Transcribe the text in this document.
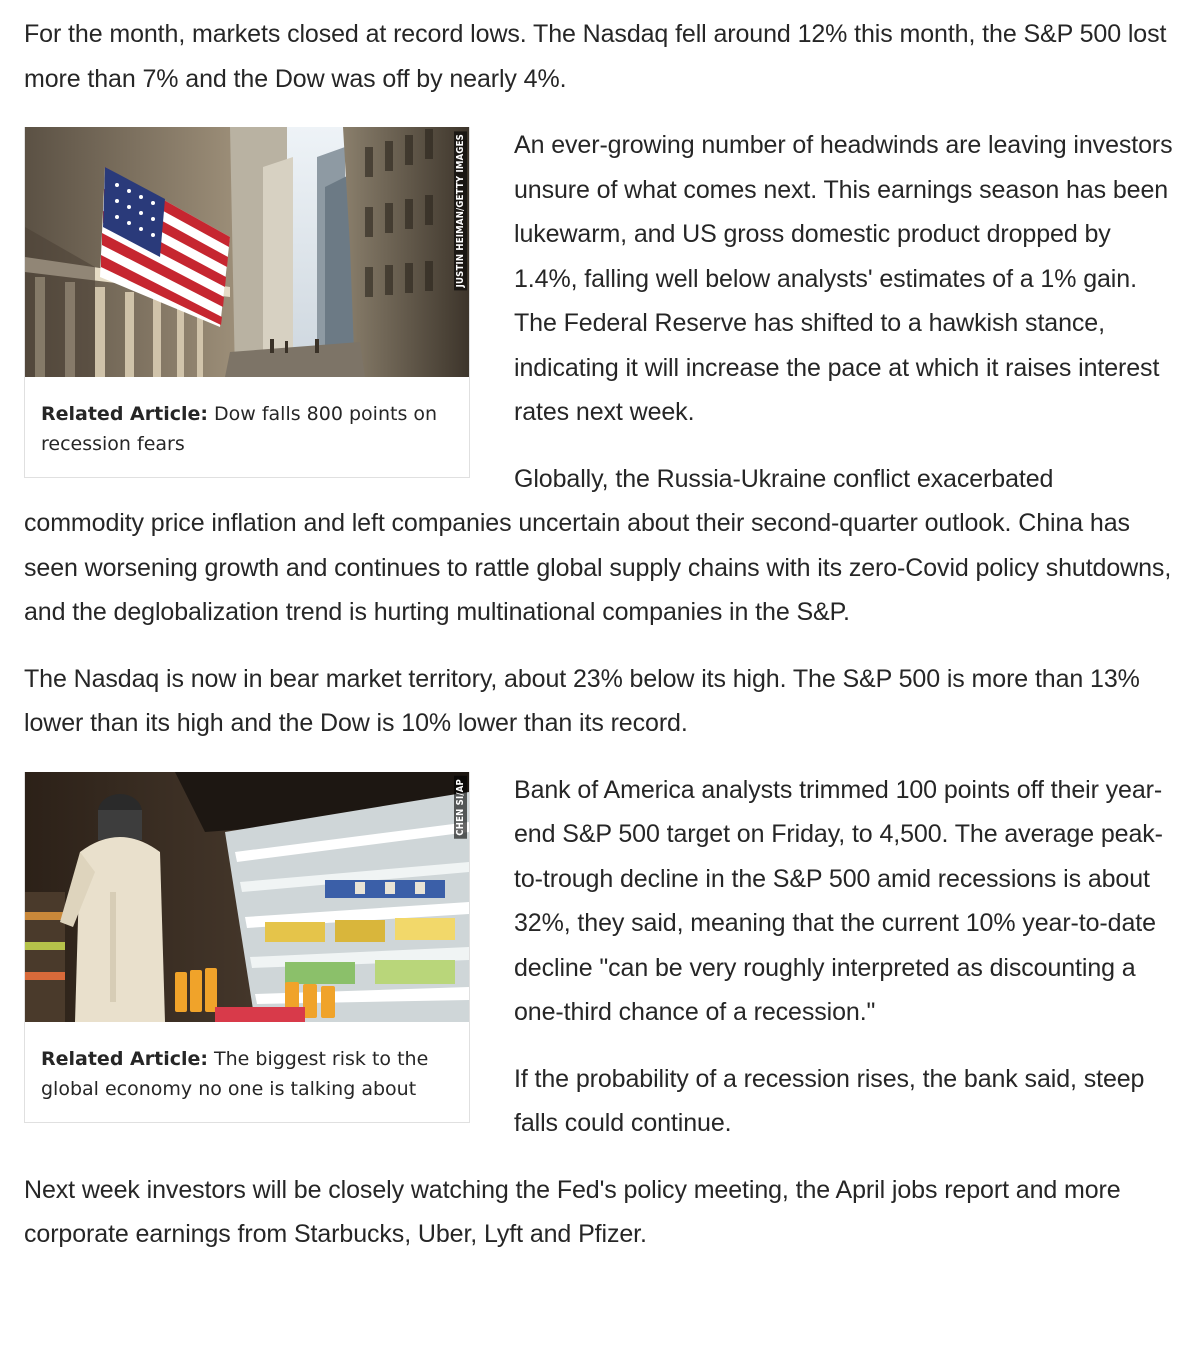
For the month, markets closed at record lows. The Nasdaq fell around 12% this month, the S&P 500 lost more than 7% and the Dow was off by nearly 4%.

JUSTIN HEIMAN/GETTY IMAGES
Related Article: Dow falls 800 points on recession fears

An ever-growing number of headwinds are leaving investors unsure of what comes next. This earnings season has been lukewarm, and US gross domestic product dropped by 1.4%, falling well below analysts' estimates of a 1% gain. The Federal Reserve has shifted to a hawkish stance, indicating it will increase the pace at which it raises interest rates next week.

Globally, the Russia-Ukraine conflict exacerbated commodity price inflation and left companies uncertain about their second-quarter outlook. China has seen worsening growth and continues to rattle global supply chains with its zero-Covid policy shutdowns, and the deglobalization trend is hurting multinational companies in the S&P.

The Nasdaq is now in bear market territory, about 23% below its high. The S&P 500 is more than 13% lower than its high and the Dow is 10% lower than its record.

CHEN SI/AP
Related Article: The biggest risk to the global economy no one is talking about

Bank of America analysts trimmed 100 points off their year-end S&P 500 target on Friday, to 4,500. The average peak-to-trough decline in the S&P 500 amid recessions is about 32%, they said, meaning that the current 10% year-to-date decline "can be very roughly interpreted as discounting a one-third chance of a recession."

If the probability of a recession rises, the bank said, steep falls could continue.

Next week investors will be closely watching the Fed's policy meeting, the April jobs report and more corporate earnings from Starbucks, Uber, Lyft and Pfizer.
